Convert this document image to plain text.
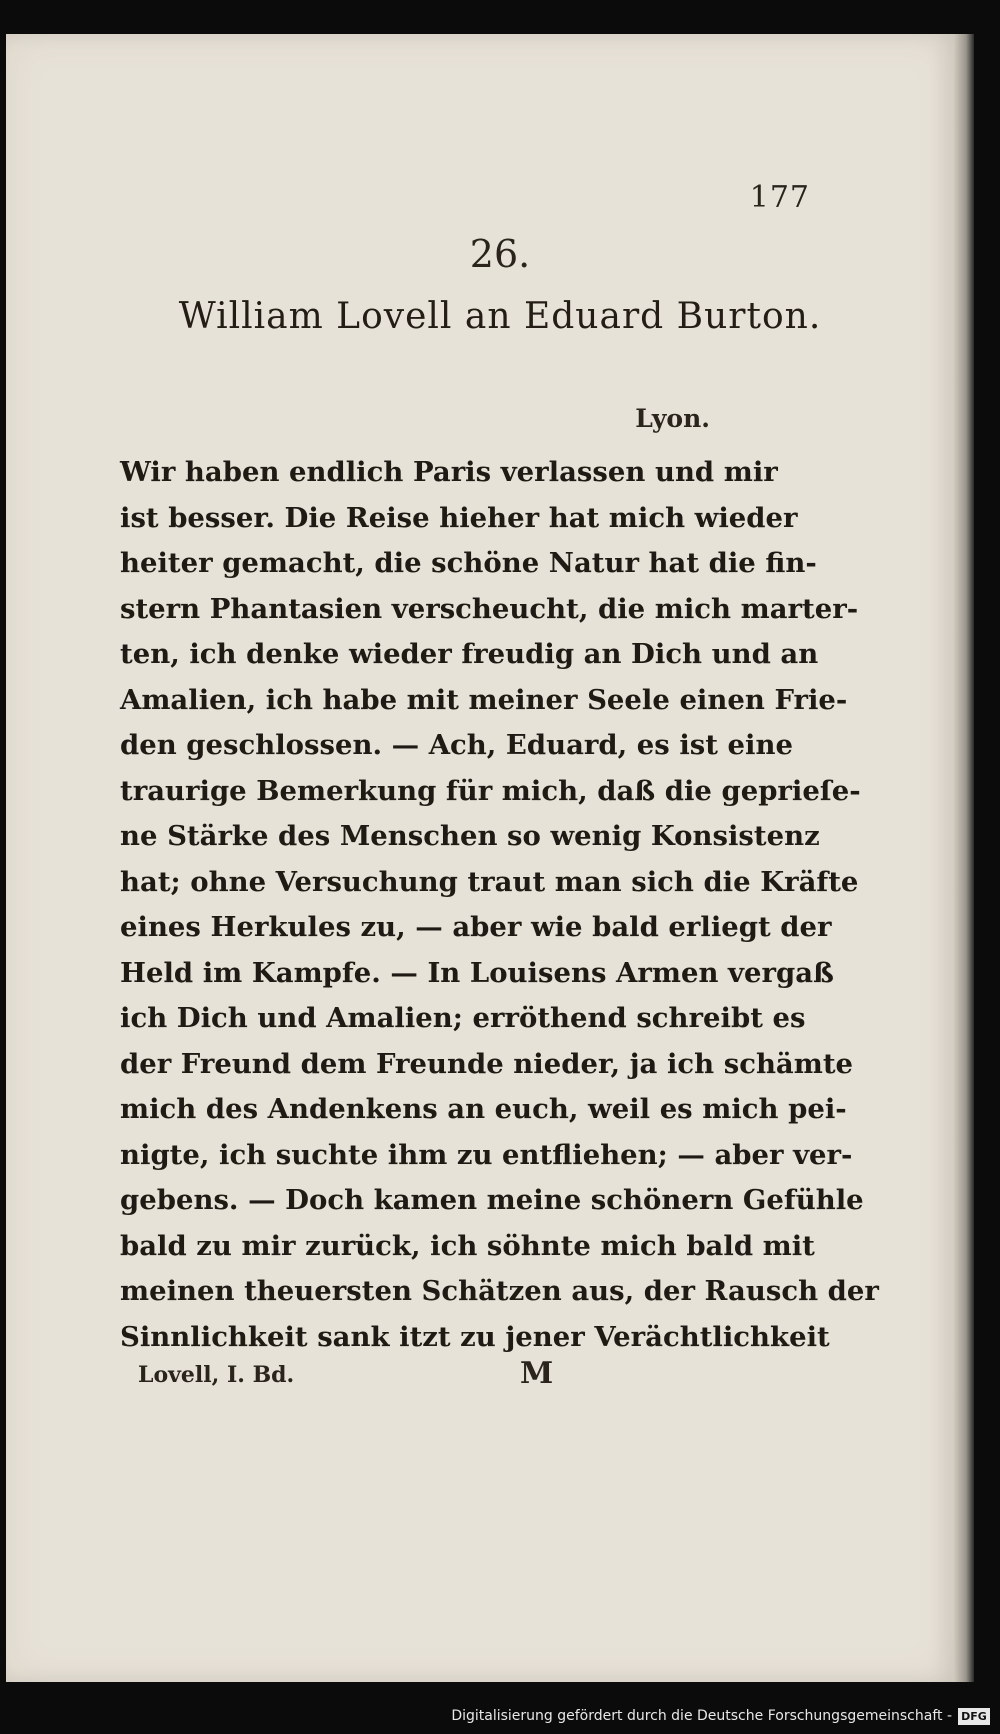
177
26.
William Lovell an Eduard Burton.
Lyon.
Wir haben endlich Paris verlassen und mir
ist besser. Die Reise hieher hat mich wieder
heiter gemacht, die schöne Natur hat die fin-
stern Phantasien verscheucht, die mich marter-
ten, ich denke wieder freudig an Dich und an
Amalien, ich habe mit meiner Seele einen Frie-
den geschlossen. — Ach, Eduard, es ist eine
traurige Bemerkung für mich, daß die geprieſe-
ne Stärke des Menschen so wenig Konsistenz
hat; ohne Versuchung traut man sich die Kräfte
eines Herkules zu, — aber wie bald erliegt der
Held im Kampfe. — In Louisens Armen vergaß
ich Dich und Amalien; erröthend schreibt es
der Freund dem Freunde nieder, ja ich schämte
mich des Andenkens an euch, weil es mich pei-
nigte, ich suchte ihm zu entfliehen; — aber ver-
gebens. — Doch kamen meine schönern Gefühle
bald zu mir zurück, ich söhnte mich bald mit
meinen theuersten Schätzen aus, der Rausch der
Sinnlichkeit sank itzt zu jener Verächtlichkeit
Lovell, I. Bd.	M
Digitalisierung gefördert durch die Deutsche Forschungsgemeinschaft - DFG
